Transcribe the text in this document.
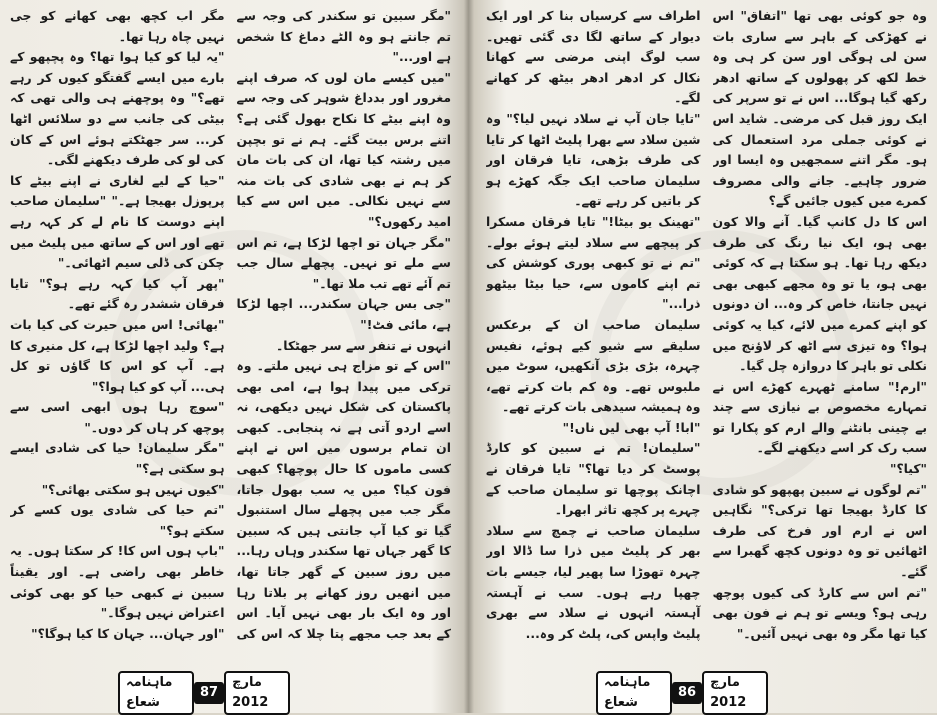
"مگر سبین تو سکندر کی وجہ سے تم جانتے ہو وہ الٹے دماغ کا شخص ہے اور..."

"میں کیسے مان لوں کہ صرف اپنے مغرور اور بدداغ شوہر کی وجہ سے وہ اپنے بیٹے کا نکاح بھول گئی ہے؟ اتنے برس بیت گئے۔ ہم نے تو بچپن میں رشتہ کیا تھا، ان کی بات مان کر ہم نے بھی شادی کی بات منہ سے نہیں نکالی۔ میں اس سے کیا امید رکھوں؟"

"مگر جہان تو اچھا لڑکا ہے، تم اس سے ملے تو نہیں۔ پچھلے سال جب تم آئے تھے تب ملا تھا۔"

"جی بس جہان سکندر... اچھا لڑکا ہے، مائی فٹ!"

انہوں نے تنفر سے سر جھٹکا۔

"اس کے تو مزاج ہی نہیں ملتے۔ وہ ترکی میں پیدا ہوا ہے، امی بھی پاکستان کی شکل نہیں دیکھی، نہ اسے اردو آتی ہے نہ پنجابی۔ کبھی ان تمام برسوں میں اس نے اپنے کسی ماموں کا حال پوچھا؟ کبھی فون کیا؟ میں یہ سب بھول جاتا، مگر جب میں پچھلے سال استنبول گیا تو کیا آپ جانتی ہیں کہ سبین کا گھر جہاں تھا سکندر وہاں رہا... میں روز سبین کے گھر جاتا تھا، میں انھیں روز کھانے پر بلاتا رہا اور وہ ایک بار بھی نہیں آیا۔ اس کے بعد جب مجھے پتا چلا کہ اس کی

مگر اب کچھ بھی کھانے کو جی نہیں چاہ رہا تھا۔

"یہ لیا کو کیا ہوا تھا؟ وہ پچپھو کے بارے میں ایسے گفتگو کیوں کر رہے تھے؟" وہ پوچھنے ہی والی تھی کہ بیٹی کی جانب سے دو سلائس اٹھا کر... سر جھٹکتے ہوئے اس کے کان کی لو کی طرف دیکھنے لگی۔

"حیا کے لیے لغاری نے اپنے بیٹے کا پرپوزل بھیجا ہے۔" "سلیمان صاحب اپنے دوست کا نام لے کر کہہ رہے تھے اور اس کے ساتھ میں پلیٹ میں چکن کی ڈلی سیم اٹھائی۔"

"پھر آپ کیا کہہ رہے ہو؟" تایا فرقان ششدر رہ گئے تھے۔

"بھائی! اس میں حیرت کی کیا بات ہے؟ ولید اچھا لڑکا ہے، کل منیری کا ہے۔ آپ کو اس کا گاؤں تو کل ہی... آپ کو کیا ہوا؟"

"سوچ رہا ہوں ابھی اسی سے پوچھ کر ہاں کر دوں۔"

"مگر سلیمان! حیا کی شادی ایسے ہو سکتی ہے؟"

"کیوں نہیں ہو سکتی بھائی؟"

"تم حیا کی شادی یوں کسے کر سکتے ہو؟"

"باپ ہوں اس کا! کر سکتا ہوں۔ یہ خاطر بھی راضی ہے۔ اور یقیناً سبین نے کبھی حیا کو بھی کوئی اعتراض نہیں ہوگا۔"

"اور جہان... جہان کا کیا ہوگا؟"

ماہنامہ شعاع
87
مارچ 2012

وہ جو کوئی بھی تھا "اتفاق" اس نے کھڑکی کے باہر سے ساری بات سن لی ہوگی اور سن کر ہی وہ خط لکھ کر پھولوں کے ساتھ ادھر رکھ گیا ہوگا... اس نے تو سرپر کی ایک روز قبل کی مرضی۔ شاید اس نے کوئی جملی مرد استعمال کی ہو۔ مگر اتنے سمجھیں وہ ایسا اور ضرور چاہیے۔ جانے والی مصروف کمرے میں کیوں جائیں گے؟

اس کا دل کانپ گیا۔ آنے والا کون بھی ہو، ایک نیا رنگ کی طرف دیکھ رہا تھا۔ ہو سکتا ہے کہ کوئی بھی ہو، یا تو وہ مجھے کبھی بھی نہیں جانتا، خاص کر وہ... ان دونوں کو اپنے کمرے میں لائے، کیا یہ کوئی ہوا؟ وہ تیزی سے اٹھ کر لاؤنج میں نکلی تو باہر کا دروازہ چل گیا۔

"ارم!" سامنے ٹھہرے کھڑے اس نے تمہارے مخصوص بے نیازی سے چند بے چینی بانٹنے والے ارم کو پکارا تو سب رک کر اسے دیکھنے لگے۔

"کیا؟"

"تم لوگوں نے سبین پھپھو کو شادی کا کارڈ بھیجا تھا ترکی؟" نگاہیں اس نے ارم اور فرخ کی طرف اٹھائیں تو وہ دونوں کچھ گھبرا سے گئے۔

"تم اس سے کارڈ کی کیوں پوچھ رہی ہو؟ ویسے تو ہم نے فون بھی کیا تھا مگر وہ بھی نہیں آئیں۔"

اطراف سے کرسیاں بنا کر اور ایک دیوار کے ساتھ لگا دی گئی تھیں۔ سب لوگ اپنی مرضی سے کھانا نکال کر ادھر ادھر بیٹھ کر کھانے لگے۔

"تایا جان آپ نے سلاد نہیں لیا؟" وہ شین سلاد سے بھرا پلیٹ اٹھا کر تایا کی طرف بڑھی، تایا فرقان اور سلیمان صاحب ایک جگہ کھڑے ہو کر باتیں کر رہے تھے۔

"تھینک یو بیٹا!" تایا فرقان مسکرا کر پیچھے سے سلاد لیتے ہوئے بولے۔ "تم نے تو کبھی پوری کوشش کی تم اپنے کاموں سے، حیا بیٹا بیٹھو ذرا..."

سلیمان صاحب ان کے برعکس سلیقے سے شیو کیے ہوئے، نفیس چہرہ، بڑی بڑی آنکھیں، سوٹ میں ملبوس تھے۔ وہ کم بات کرتے تھے، وہ ہمیشہ سیدھی بات کرتے تھے۔

"ابا! آپ بھی لیں ناں!"

"سلیمان! تم نے سبین کو کارڈ پوسٹ کر دیا تھا؟" تایا فرقان نے اچانک پوچھا تو سلیمان صاحب کے چہرے پر کچھ تاثر ابھرا۔

سلیمان صاحب نے چمچ سے سلاد بھر کر پلیٹ میں ذرا سا ڈالا اور چہرہ تھوڑا سا پھیر لیا، جیسے بات چھپا رہے ہوں۔ سب نے آہستہ آہستہ انہوں نے سلاد سے بھری پلیٹ واپس کی، پلٹ کر وہ...

ماہنامہ شعاع
86
مارچ 2012
